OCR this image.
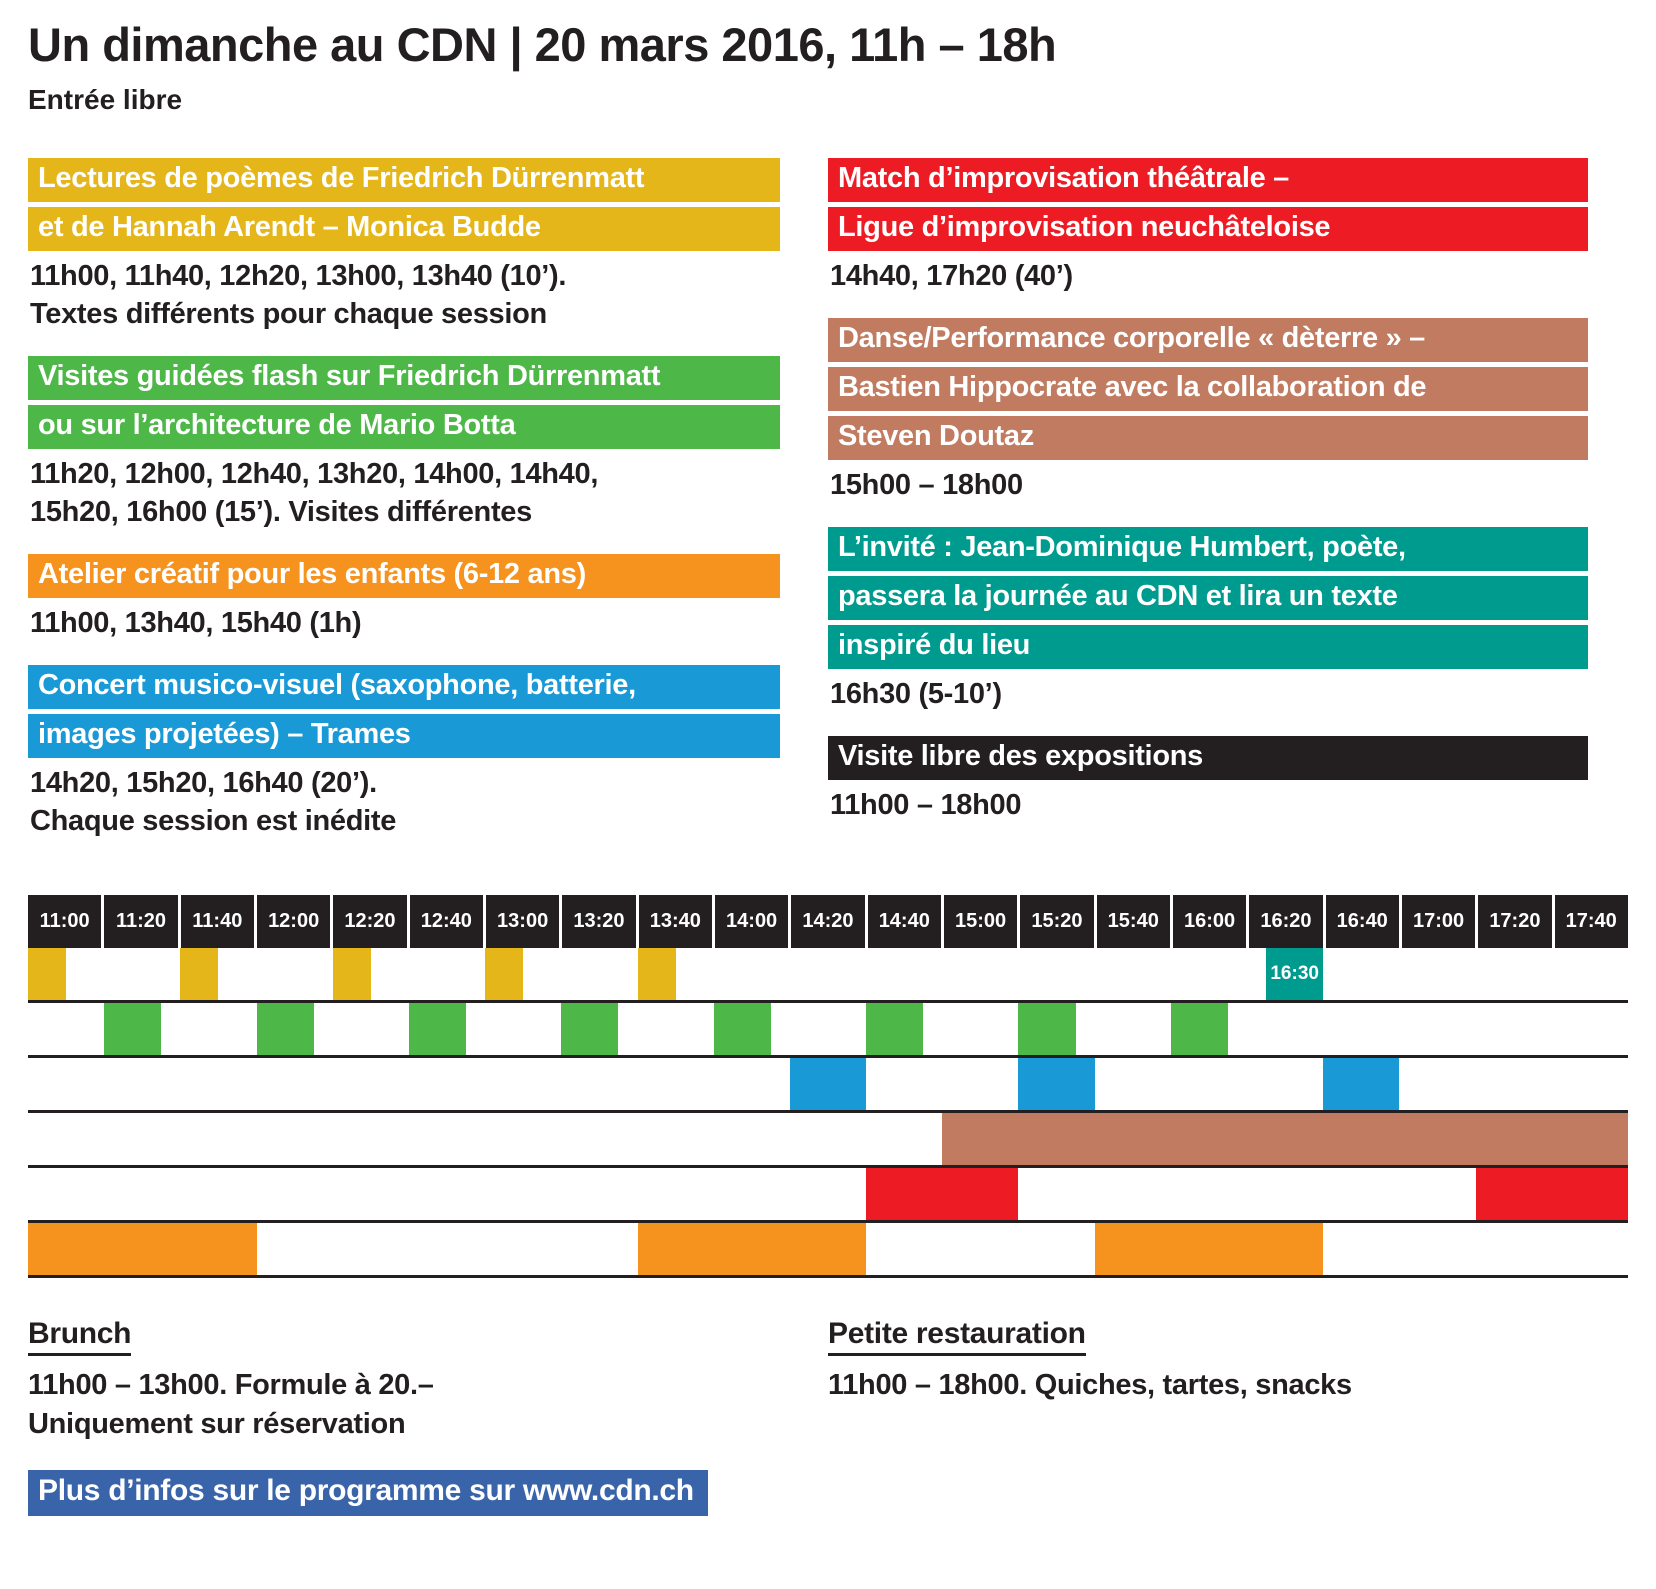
Un dimanche au CDN | 20 mars 2016, 11h – 18h
Entrée libre
Lectures de poèmes de Friedrich Dürrenmatt
et de Hannah Arendt – Monica Budde
11h00, 11h40, 12h20, 13h00, 13h40 (10’).
Textes différents pour chaque session
Visites guidées flash sur Friedrich Dürrenmatt
ou sur l’architecture de Mario Botta
11h20, 12h00, 12h40, 13h20, 14h00, 14h40,
15h20, 16h00 (15’). Visites différentes
Atelier créatif pour les enfants (6-12 ans)
11h00, 13h40, 15h40 (1h)
Concert musico-visuel (saxophone, batterie,
images projetées) – Trames
14h20, 15h20, 16h40 (20’).
Chaque session est inédite
Match d’improvisation théâtrale –
Ligue d’improvisation neuchâteloise
14h40, 17h20 (40’)
Danse/Performance corporelle « dèterre » –
Bastien Hippocrate avec la collaboration de
Steven Doutaz
15h00 – 18h00
L’invité : Jean-Dominique Humbert, poète,
passera la journée au CDN et lira un texte
inspiré du lieu
16h30 (5-10’)
Visite libre des expositions
11h00 – 18h00
11:00	11:20	11:40	12:00	12:20	12:40	13:00	13:20	13:40	14:00	14:20	14:40	15:00	15:20	15:40	16:00	16:20	16:40	17:00	17:20	17:40
16:30
Brunch
11h00 – 13h00. Formule à 20.–
Uniquement sur réservation
Petite restauration
11h00 – 18h00. Quiches, tartes, snacks
Plus d’infos sur le programme sur www.cdn.ch
